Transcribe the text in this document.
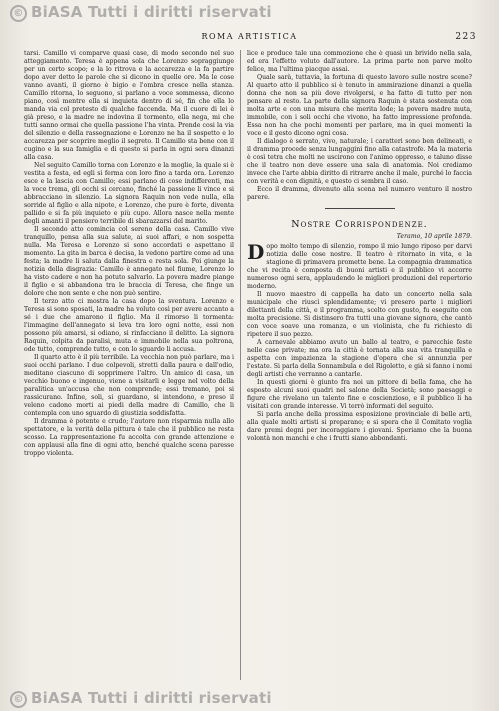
© BiASA Tutti i diritti riservati
ROMA ARTISTICA	223

tarsi. Camillo vi comparve quasi case, di modo secondo nel suo atteggiamento. Teresa è appena sola che Lorenzo sopraggiunge per un certo scopo; e la lo ritrova e la accarezza e la fa partire dopo aver detto le parole che si dicono in quelle ore. Ma le cose vanno avanti, il giorno è bigio e l'ombra cresce nella stanza. Camillo ritorna, lo seguono, si parlano a voce sommessa, dicono piano, così mentre ella si inquieta dentro di sé, fin che ella lo manda via col pretesto di qualche faccenda. Ma il cuore di lei è già preso, e la madre ne indovina il tormento, ella nega, mi che tutti sanno ormai che quella passione l'ha vinta. Prende cosi la via del silenzio e della rassegnazione e Lorenzo ne ha il sospetto e lo accarezza per scoprire meglio il segreto. Il Camillo sta bene con il cugino e la sua famiglia e di questo si parla in ogni sera dinanzi alla casa.

Nel seguito Camillo torna con Lorenzo e la moglie, la quale si è vestita a festa, ed egli si ferma con loro fino a tarda ora. Lorenzo esce e la lascia con Camillo; essi parlano di cose indifferenti, ma la voce trema, gli occhi si cercano, finché la passione li vince e si abbracciano in silenzio. La signora Raquin non vede nulla, ella sorride al figlio e alla nipote, e Lorenzo, che pure è forte, diventa pallido e si fa più inquieto e più cupo. Allora nasce nella mente degli amanti il pensiero terribile di sbarazzarsi del marito.

Il secondo atto comincia col sereno della casa. Camillo vive tranquillo, pensa alla sua salute, ai suoi affari, e non sospetta nulla. Ma Teresa e Lorenzo si sono accordati e aspettano il momento. La gita in barca è decisa, la vedono partire come ad una festa; la madre li saluta dalla finestra e resta sola. Poi giunge la notizia della disgrazia: Camillo è annegato nel fiume, Lorenzo lo ha visto cadere e non ha potuto salvarlo. La povera madre piange il figlio e si abbandona tra le braccia di Teresa, che finge un dolore che non sente e che non può sentire.

Il terzo atto ci mostra la casa dopo la sventura. Lorenzo e Teresa si sono sposati, la madre ha voluto così per avere accanto a sé i due che amarono il figlio. Ma il rimorso li tormenta: l'immagine dell'annegato si leva tra loro ogni notte, essi non possono più amarsi, si odiano, si rinfacciano il delitto. La signora Raquin, colpita da paralisi, muta e immobile nella sua poltrona, ode tutto, comprende tutto, e con lo sguardo li accusa.

Il quarto atto è il più terribile. La vecchia non può parlare, ma i suoi occhi parlano. I due colpevoli, stretti dalla paura e dall'odio, meditano ciascuno di sopprimere l'altro. Un amico di casa, un vecchio buono e ingenuo, viene a visitarli e legge nel volto della paralitica un'accusa che non comprende; essi tremano, poi si rassicurano. Infine, soli, si guardano, si intendono, e preso il veleno cadono morti ai piedi della madre di Camillo, che li contempla con uno sguardo di giustizia soddisfatta.

Il dramma è potente e crudo; l'autore non risparmia nulla allo spettatore, e la verità della pittura è tale che il pubblico ne resta scosso. La rappresentazione fu accolta con grande attenzione e con applausi alla fine di ogni atto, benché qualche scena paresse troppo violenta.

lice e produce tale una commozione che è quasi un brivido nella sala, ed era l'effetto voluto dall'autore. La prima parte non parve molto felice, ma l'ultima piacque assai.

Quale sarà, tuttavia, la fortuna di questo lavoro sulle nostre scene? Al quarto atto il pubblico si è tenuto in ammirazione dinanzi a quella donna che non sa più dove rivolgersi, e ha fatto di tutto per non pensare al resto. La parte della signora Raquin è stata sostenuta con molta arte e con una misura che merita lode; la povera madre muta, immobile, con i soli occhi che vivono, ha fatto impressione profonda. Essa non ha che pochi momenti per parlare, ma in quei momenti la voce e il gesto dicono ogni cosa.

Il dialogo è serrato, vivo, naturale; i caratteri sono ben delineati, e il dramma procede senza lungaggini fino alla catastrofe. Ma la materia è così tetra che molti ne uscirono con l'animo oppresso, e taluno disse che il teatro non deve essere una sala di anatomia. Noi crediamo invece che l'arte abbia diritto di ritrarre anche il male, purché lo faccia con verità e con dignità, e questo ci sembra il caso.

Ecco il dramma, divenuto alla scena nel numero venturo il nostro parere.

Nostre Corrispondenze.
Teramo, 10 aprile 1879.

Dopo molto tempo di silenzio, rompo il mio lungo riposo per darvi notizia delle cose nostre. Il teatro è ritornato in vita, e la stagione di primavera promette bene. La compagnia drammatica che vi recita è composta di buoni artisti e il pubblico vi accorre numeroso ogni sera, applaudendo le migliori produzioni del repertorio moderno.

Il nuovo maestro di cappella ha dato un concerto nella sala municipale che riuscì splendidamente; vi presero parte i migliori dilettanti della città, e il programma, scelto con gusto, fu eseguito con molta precisione. Si distinsero fra tutti una giovane signora, che cantò con voce soave una romanza, e un violinista, che fu richiesto di ripetere il suo pezzo.

A carnevale abbiamo avuto un ballo al teatro, e parecchie feste nelle case private; ma ora la città è tornata alla sua vita tranquilla e aspetta con impazienza la stagione d'opera che si annunzia per l'estate. Si parla della Sonnambula e del Rigoletto, e già si fanno i nomi degli artisti che verranno a cantarle.

In questi giorni è giunto fra noi un pittore di bella fama, che ha esposto alcuni suoi quadri nel salone della Società; sono paesaggi e figure che rivelano un talento fine e coscienzioso, e il pubblico li ha visitati con grande interesse. Vi terrò informati del seguito.

Si parla anche della prossima esposizione provinciale di belle arti, alla quale molti artisti si preparano; e si spera che il Comitato voglia dare premi degni per incoraggiare i giovani. Speriamo che la buona volontà non manchi e che i frutti siano abbondanti.

© BiASA Tutti i diritti riservati
